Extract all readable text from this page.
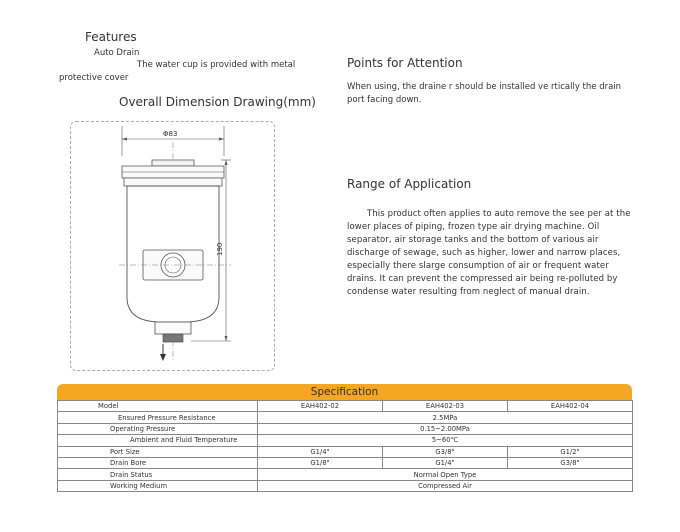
Features
Auto Drain
The water cup is provided with metal
protective cover
Overall Dimension Drawing(mm)
Φ83
190
Points for Attention
When using, the draine r should be installed ve rtically the drain port facing down.
Range of Application
This product often applies to auto remove the see per at the lower places of piping, frozen type air drying machine. Oil separator, air storage tanks and the bottom of various air discharge of sewage, such as higher, lower and narrow places, especially there slarge consumption of air or frequent water drains. It can prevent the compressed air being re-polluted by condense water resulting from neglect of manual drain.
Specification
Model	EAH402-02	EAH402-03	EAH402-04
Ensured Pressure Resistance	2.5MPa		
Operating Pressure	0.15~2.00MPa		
Ambient and Fluid Temperature	5~60℃		
Port Size	G1/4"	G3/8"	G1/2"
Drain Bore	G1/8"	G1/4"	G3/8"
Drain Status	Normal Open Type		
Working Medium	Compressed Air		
